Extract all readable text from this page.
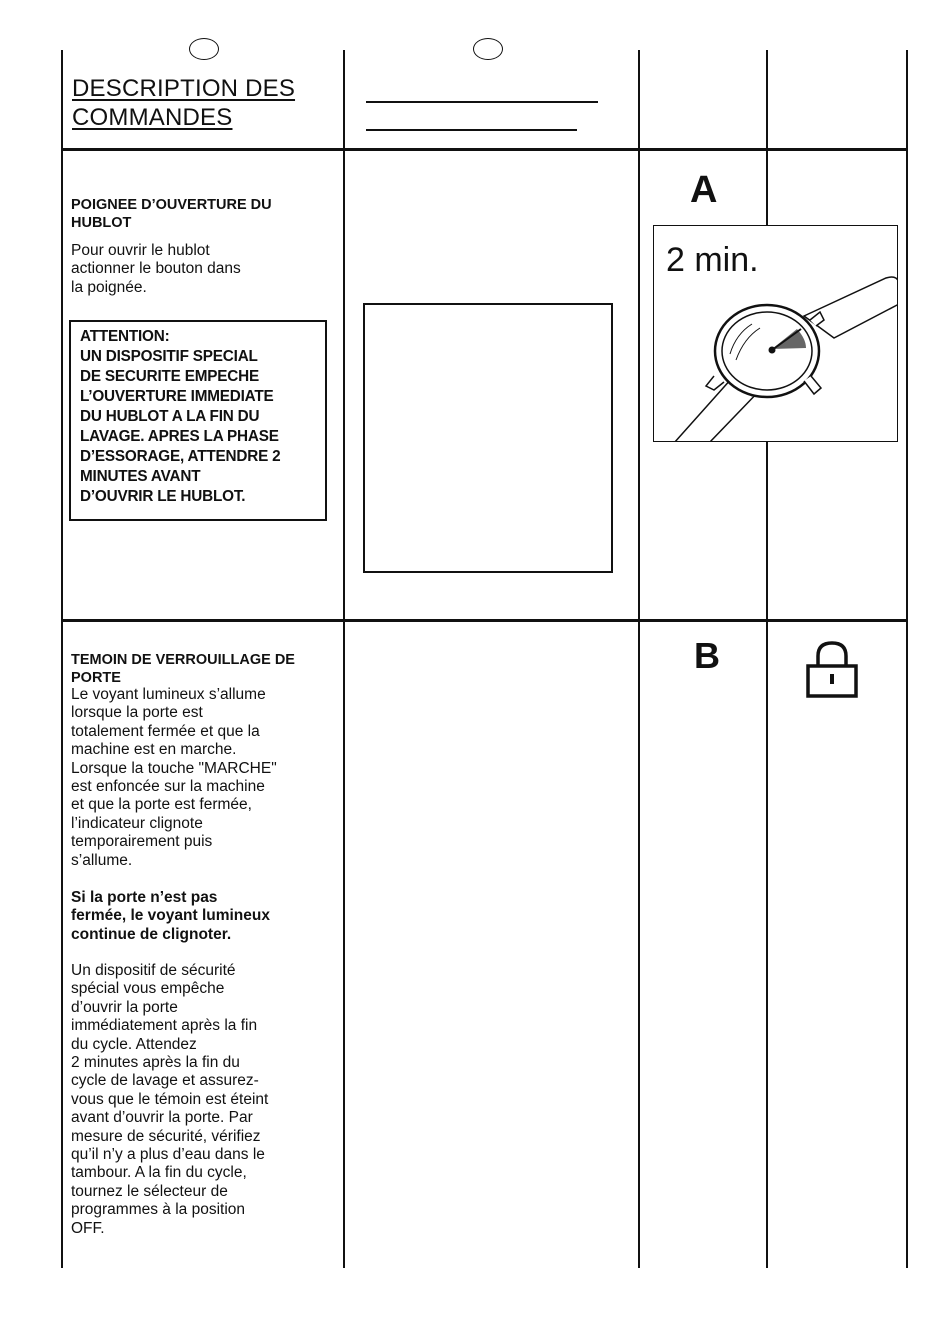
DESCRIPTION DES
COMMANDES
POIGNEE D’OUVERTURE DU
HUBLOT
Pour ouvrir le hublot
actionner le bouton dans
la poignée.
ATTENTION:
UN DISPOSITIF SPECIAL
DE SECURITE EMPECHE
L’OUVERTURE IMMEDIATE
DU HUBLOT A LA FIN DU
LAVAGE. APRES LA PHASE
D’ESSORAGE, ATTENDRE 2
MINUTES AVANT
D’OUVRIR LE HUBLOT.
A
2 min.
TEMOIN DE VERROUILLAGE DE
PORTE
Le voyant lumineux s’allume
lorsque la porte est
totalement fermée et que la
machine est en marche.
Lorsque la touche "MARCHE"
est enfoncée sur la machine
et que la porte est fermée,
l’indicateur clignote
temporairement puis
s’allume.
Si la porte n’est pas
fermée, le voyant lumineux
continue de clignoter.
Un dispositif de sécurité
spécial vous empêche
d’ouvrir la porte
immédiatement après la fin
du cycle. Attendez
2 minutes après la fin du
cycle de lavage et assurez-
vous que le témoin est éteint
avant d’ouvrir la porte. Par
mesure de sécurité, vérifiez
qu’il n’y a plus d’eau dans le
tambour. A la fin du cycle,
tournez le sélecteur de
programmes à la position
OFF.
B
